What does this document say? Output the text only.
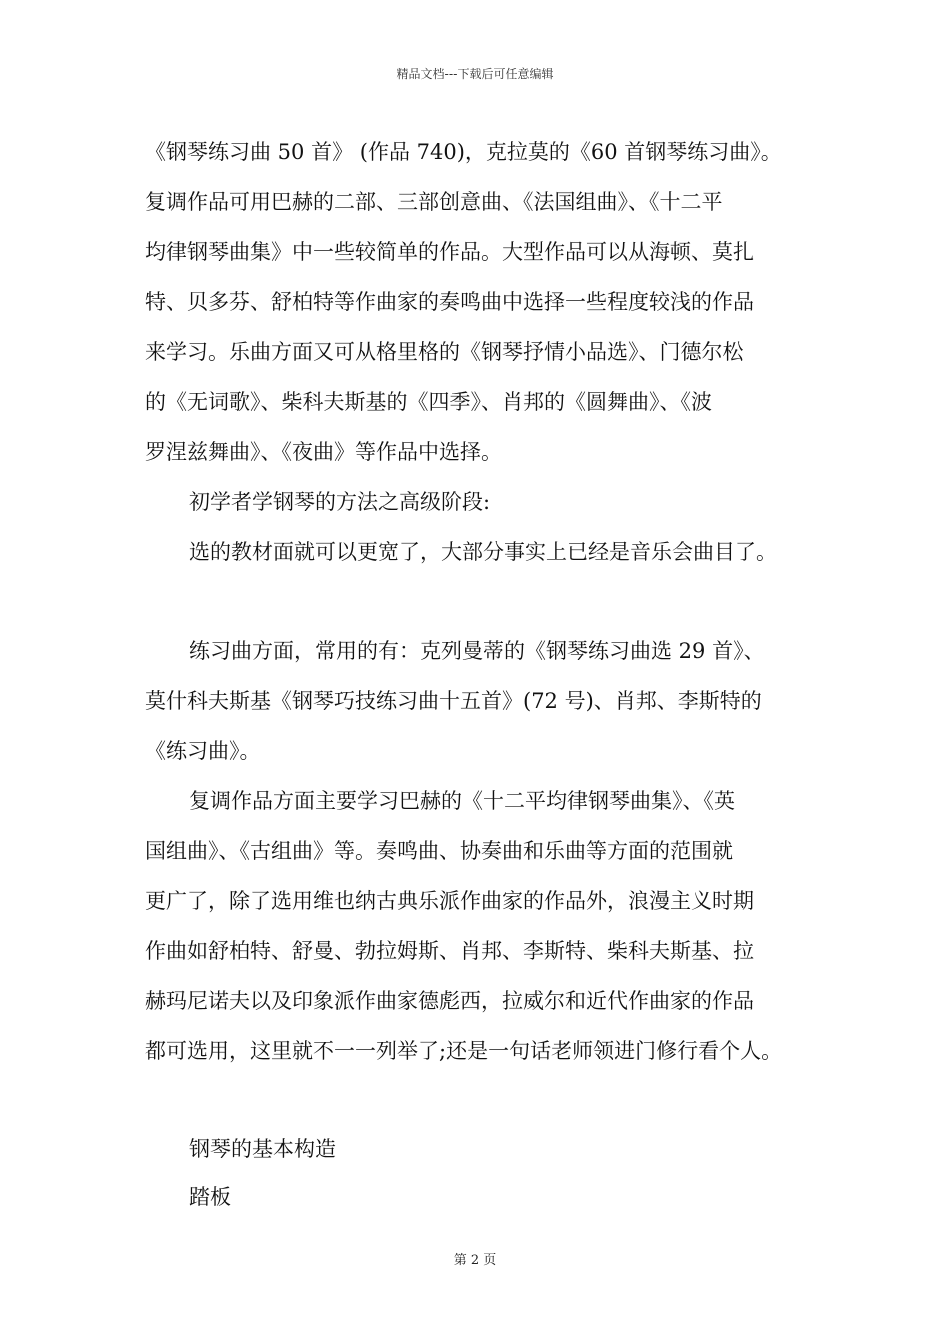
精品文档---下载后可任意编辑
《钢琴练习曲 50 首》 (作品 740)，克拉莫的《60 首钢琴练习曲》。
复调作品可用巴赫的二部、三部创意曲、《法国组曲》、《十二平
均律钢琴曲集》中一些较简单的作品。大型作品可以从海顿、莫扎
特、贝多芬、舒柏特等作曲家的奏鸣曲中选择一些程度较浅的作品
来学习。乐曲方面又可从格里格的《钢琴抒情小品选》、门德尔松
的《无词歌》、柴科夫斯基的《四季》、肖邦的《圆舞曲》、《波
罗涅兹舞曲》、《夜曲》等作品中选择。
初学者学钢琴的方法之高级阶段:
选的教材面就可以更宽了，大部分事实上已经是音乐会曲目了。
练习曲方面，常用的有：克列曼蒂的《钢琴练习曲选 29 首》、
莫什科夫斯基《钢琴巧技练习曲十五首》(72 号)、肖邦、李斯特的
《练习曲》。
复调作品方面主要学习巴赫的《十二平均律钢琴曲集》、《英
国组曲》、《古组曲》等。奏鸣曲、协奏曲和乐曲等方面的范围就
更广了，除了选用维也纳古典乐派作曲家的作品外，浪漫主义时期
作曲如舒柏特、舒曼、勃拉姆斯、肖邦、李斯特、柴科夫斯基、拉
赫玛尼诺夫以及印象派作曲家德彪西，拉威尔和近代作曲家的作品
都可选用，这里就不一一列举了;还是一句话老师领进门修行看个人。
钢琴的基本构造
踏板
第 2 页
